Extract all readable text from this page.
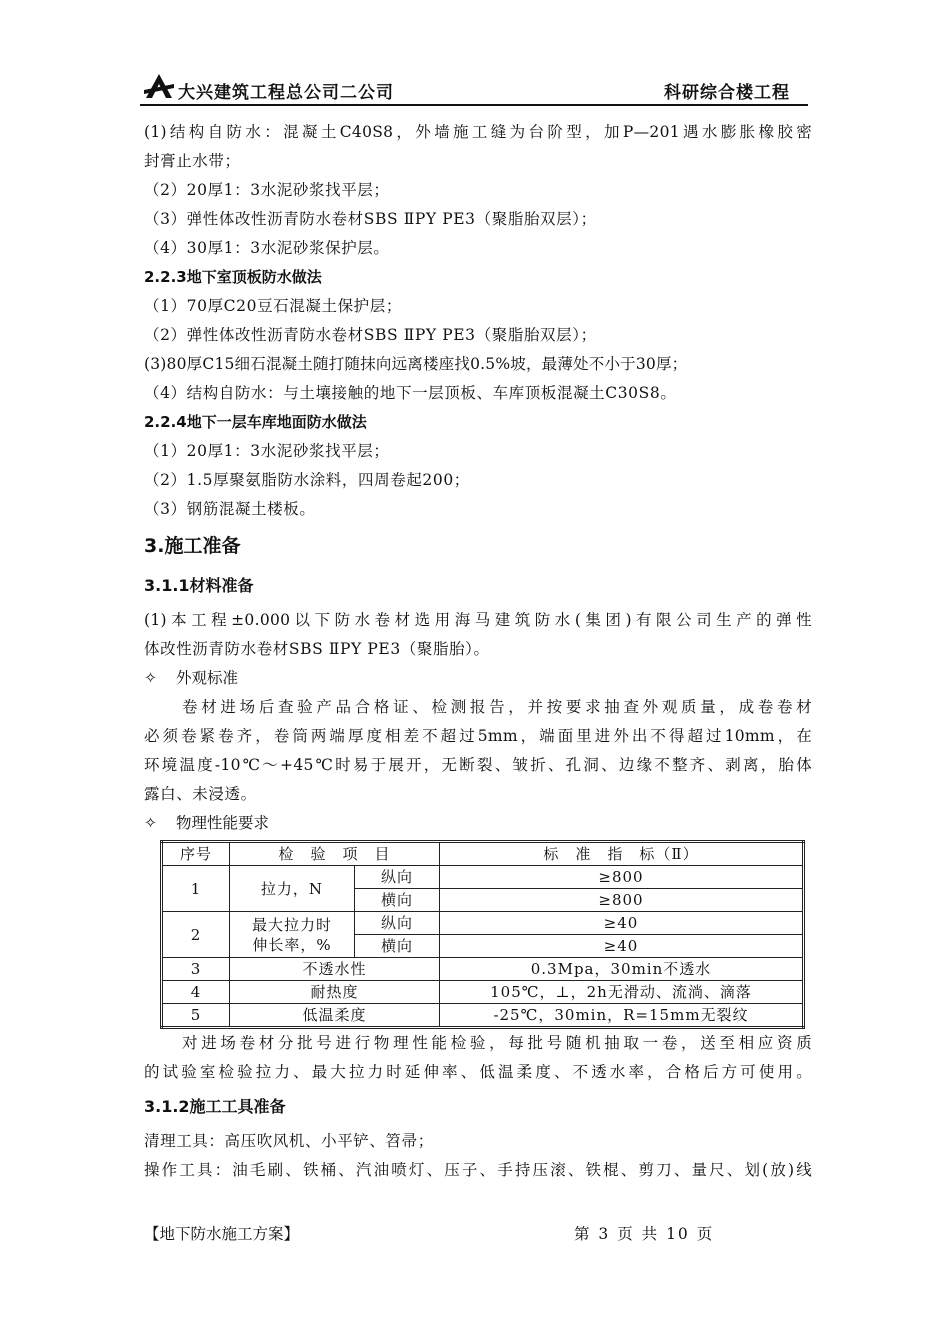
大兴建筑工程总公司二公司	科研综合楼工程
(1)结构自防水：混凝土C40S8，外墙施工缝为台阶型，加P—201遇水膨胀橡胶密
封膏止水带；
（2）20厚1：3水泥砂浆找平层；
（3）弹性体改性沥青防水卷材SBS ⅡPY PE3（聚脂胎双层）；
（4）30厚1：3水泥砂浆保护层。
2.2.3地下室顶板防水做法
（1）70厚C20豆石混凝土保护层；
（2）弹性体改性沥青防水卷材SBS ⅡPY PE3（聚脂胎双层）；
(3)80厚C15细石混凝土随打随抹向远离楼座找0.5%坡，最薄处不小于30厚；
（4）结构自防水：与土壤接触的地下一层顶板、车库顶板混凝土C30S8。
2.2.4地下一层车库地面防水做法
（1）20厚1：3水泥砂浆找平层；
（2）1.5厚聚氨脂防水涂料，四周卷起200；
（3）钢筋混凝土楼板。
3.施工准备
3.1.1材料准备
(1)本工程±0.000以下防水卷材选用海马建筑防水(集团)有限公司生产的弹性
体改性沥青防水卷材SBS ⅡPY PE3（聚脂胎）。
✧ 外观标准
卷材进场后查验产品合格证、检测报告，并按要求抽查外观质量，成卷卷材
必须卷紧卷齐，卷筒两端厚度相差不超过5mm，端面里进外出不得超过10mm，在
环境温度-10℃～+45℃时易于展开，无断裂、皱折、孔洞、边缘不整齐、剥离，胎体
露白、未浸透。
✧ 物理性能要求
序号	检　验　项　目		标　准　指　标（Ⅱ）
1	拉力，N	纵向	≥800
		横向	≥800
2	最大拉力时
伸长率，%	纵向	≥40
		横向	≥40
3	不透水性		0.3Mpa，30min不透水
4	耐热度		105℃，⊥，2h无滑动、流淌、滴落
5	低温柔度		-25℃，30min，R=15mm无裂纹
对进场卷材分批号进行物理性能检验，每批号随机抽取一卷，送至相应资质
的试验室检验拉力、最大拉力时延伸率、低温柔度、不透水率，合格后方可使用。
3.1.2施工工具准备
清理工具：高压吹风机、小平铲、笤帚；
操作工具：油毛刷、铁桶、汽油喷灯、压子、手持压滚、铁棍、剪刀、量尺、划(放)线
【地下防水施工方案】	第 3 页 共 10 页
